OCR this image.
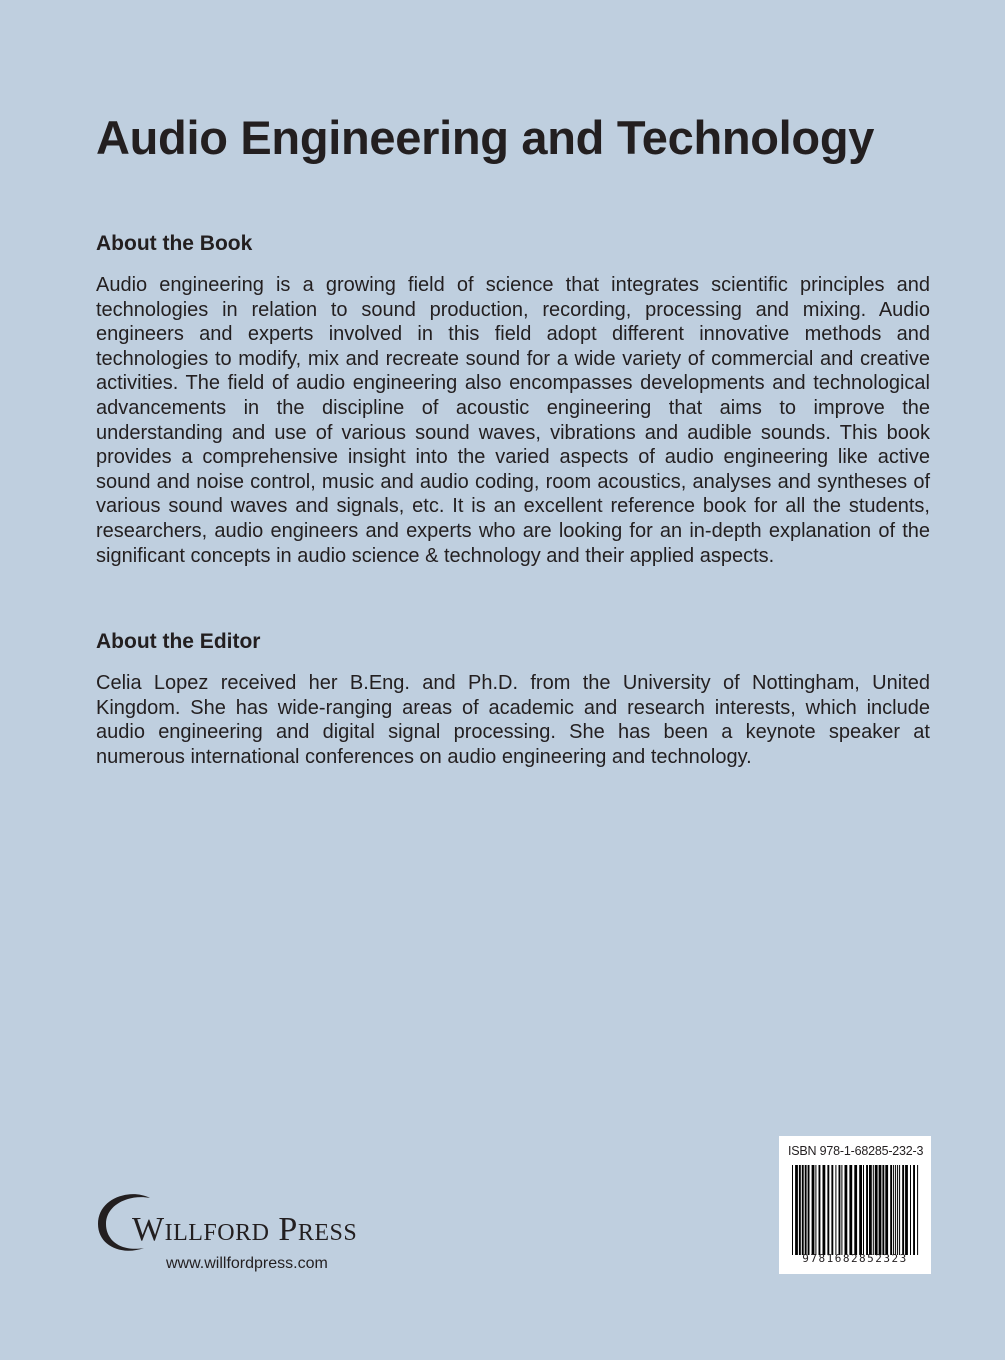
Audio Engineering and Technology
About the Book

Audio engineering is a growing field of science that integrates scientific principles and technologies in relation to sound production, recording, processing and mixing. Audio engineers and experts involved in this field adopt different innovative methods and technologies to modify, mix and recreate sound for a wide variety of commercial and creative activities. The field of audio engineering also encompasses developments and technological advancements in the discipline of acoustic engineering that aims to improve the understanding and use of various sound waves, vibrations and audible sounds. This book provides a comprehensive insight into the varied aspects of audio engineering like active sound and noise control, music and audio coding, room acoustics, analyses and syntheses of various sound waves and signals, etc. It is an excellent reference book for all the students, researchers, audio engineers and experts who are looking for an in-depth explanation of the significant concepts in audio science & technology and their applied aspects.

About the Editor

Celia Lopez received her B.Eng. and Ph.D. from the University of Nottingham, United Kingdom. She has wide-ranging areas of academic and research interests, which include audio engineering and digital signal processing. She has been a keynote speaker at numerous international conferences on audio engineering and technology.

Willford Press
www.willfordpress.com
ISBN 978-1-68285-232-3
9781682852323
